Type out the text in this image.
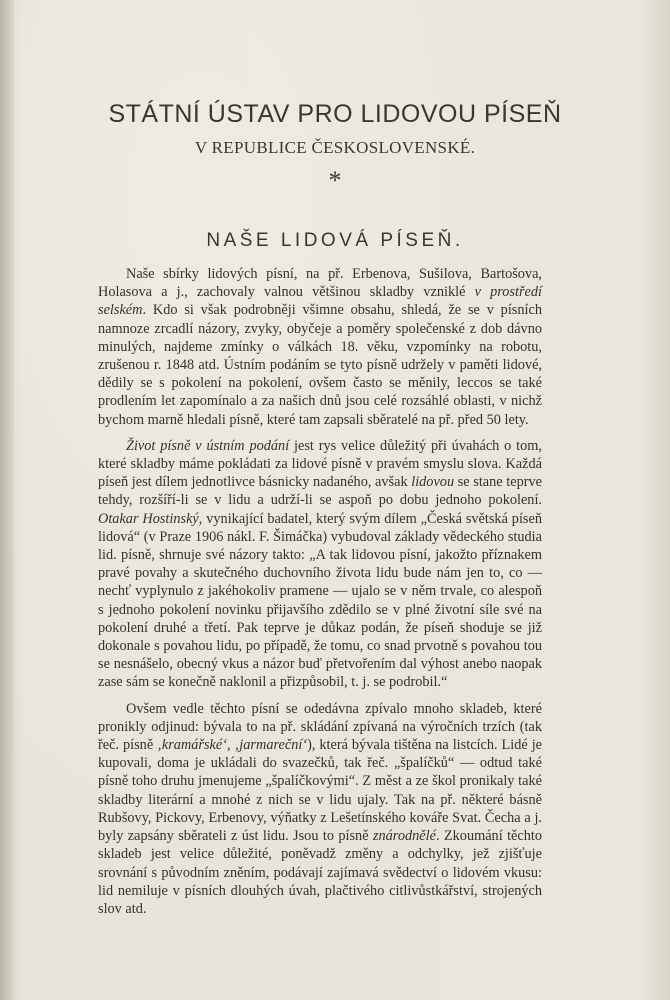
STÁTNÍ ÚSTAV PRO LIDOVOU PÍSEŇ
V REPUBLICE ČESKOSLOVENSKÉ.
*
NAŠE LIDOVÁ PÍSEŇ.

Naše sbírky lidových písní, na př. Erbenova, Sušilova, Bartošova, Holasova a j., zachovaly valnou většinou skladby vzniklé v prostředí selském. Kdo si však podrobněji všimne obsahu, shledá, že se v písních namnoze zrcadlí názory, zvyky, obyčeje a poměry společenské z dob dávno minulých, najdeme zmínky o válkách 18. věku, vzpomínky na robotu, zrušenou r. 1848 atd. Ústním podáním se tyto písně udržely v paměti lidové, dědily se s pokolení na pokolení, ovšem často se měnily, leccos se také prodlením let zapomínalo a za našich dnů jsou celé rozsáhlé oblasti, v nichž bychom marně hledali písně, které tam zapsali sběratelé na př. před 50 lety.

Život písně v ústním podání jest rys velice důležitý při úvahách o tom, které skladby máme pokládati za lidové písně v pravém smyslu slova. Každá píseň jest dílem jednotlivce básnicky nadaného, avšak lidovou se stane teprve tehdy, rozšíří-li se v lidu a udrží-li se aspoň po dobu jednoho pokolení. Otakar Hostinský, vynikající badatel, který svým dílem „Česká světská píseň lidová“ (v Praze 1906 nákl. F. Šimáčka) vybudoval základy vědeckého studia lid. písně, shrnuje své názory takto: „A tak lidovou písní, jakožto příznakem pravé povahy a skutečného duchovního života lidu bude nám jen to, co — nechť vyplynulo z jakéhokoliv pramene — ujalo se v něm trvale, co alespoň s jednoho pokolení novinku přijavšího zdědilo se v plné životní síle své na pokolení druhé a třetí. Pak teprve je důkaz podán, že píseň shoduje se již dokonale s povahou lidu, po případě, že tomu, co snad prvotně s povahou tou se nesnášelo, obecný vkus a názor buď přetvořením dal výhost anebo naopak zase sám se konečně naklonil a přizpůsobil, t. j. se podrobil.“

Ovšem vedle těchto písní se odedávna zpívalo mnoho skladeb, které pronikly odjinud: bývala to na př. skládání zpívaná na výročních trzích (tak řeč. písně ‚kramářské‘, ‚jarmareční‘), která bývala tištěna na listcích. Lidé je kupovali, doma je ukládali do svazečků, tak řeč. „špalíčků“ — odtud také písně toho druhu jmenujeme „špalíčkovými“. Z měst a ze škol pronikaly také skladby literární a mnohé z nich se v lidu ujaly. Tak na př. některé básně Rubšovy, Pickovy, Erbenovy, výňatky z Lešetínského kováře Svat. Čecha a j. byly zapsány sběrateli z úst lidu. Jsou to písně znárodnělé. Zkoumání těchto skladeb jest velice důležité, poněvadž změny a odchylky, jež zjišťuje srovnání s původním zněním, podávají zajímavá svědectví o lidovém vkusu: lid nemiluje v písních dlouhých úvah, plačtivého citlivůstkářství, strojených slov atd.
